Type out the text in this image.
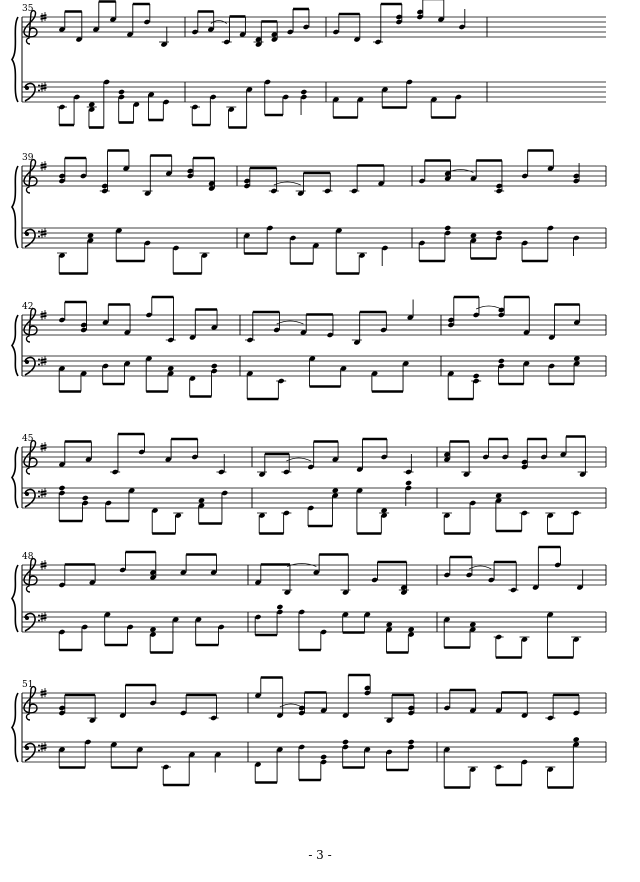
35
39
42
45
48
51
- 3 -
